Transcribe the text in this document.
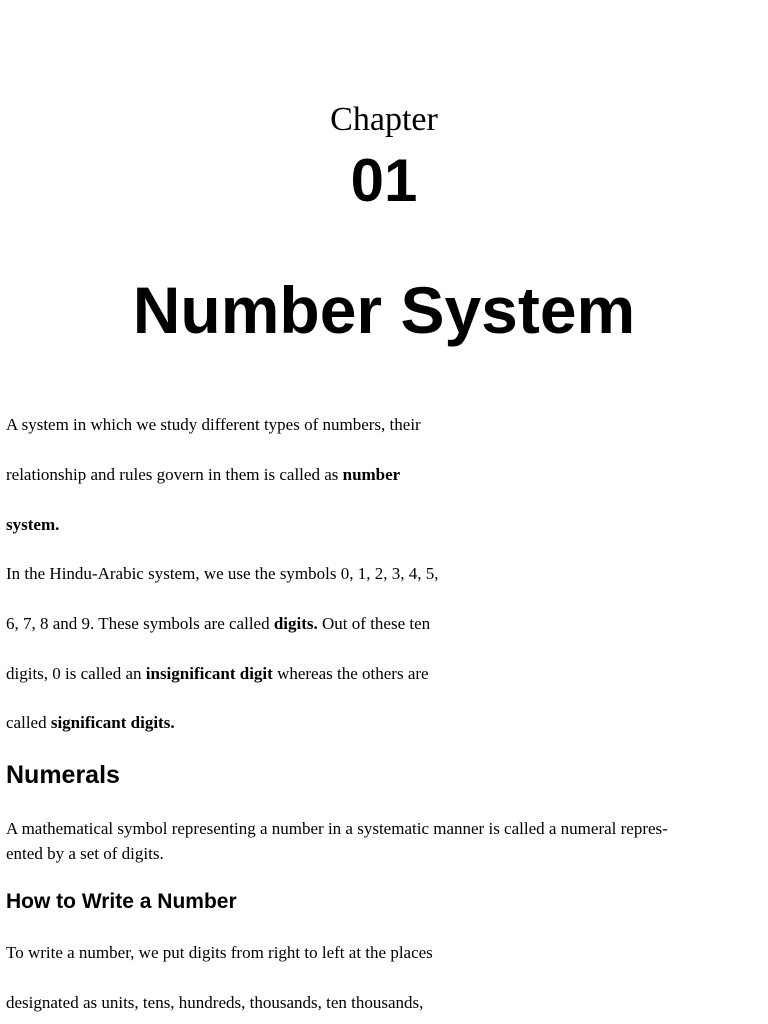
Chapter
01
Number System
A system in which we study different types of numbers, their
relationship and rules govern in them is called as number
system.
In the Hindu-Arabic system, we use the symbols 0, 1, 2, 3, 4, 5,
6, 7, 8 and 9. These symbols are called digits. Out of these ten
digits, 0 is called an insignificant digit whereas the others are
called significant digits.
Numerals
A mathematical symbol representing a number in a systematic manner is called a numeral repres-
ented by a set of digits.
How to Write a Number
To write a number, we put digits from right to left at the places
designated as units, tens, hundreds, thousands, ten thousands,
